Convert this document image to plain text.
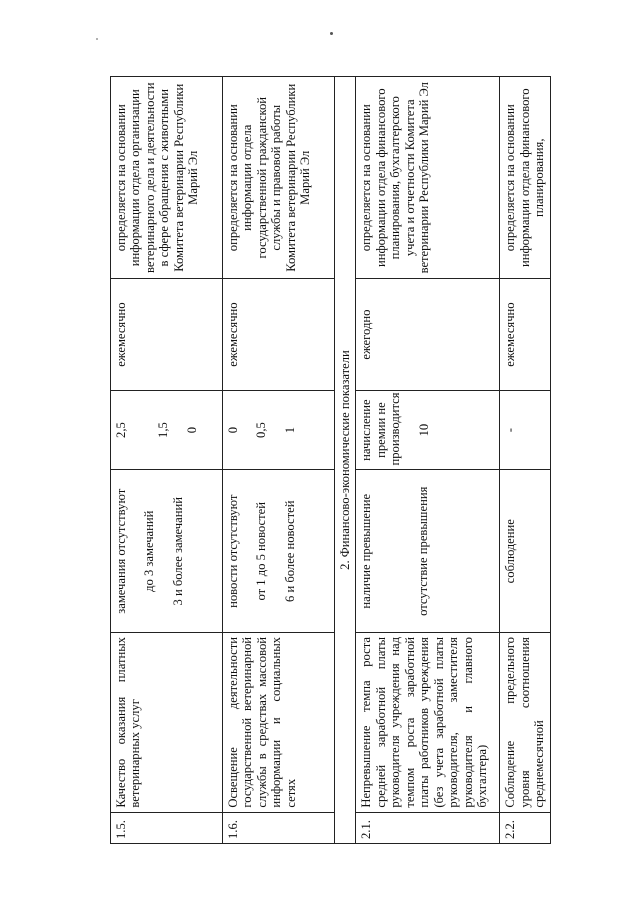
1.5.	Качество оказания платных ветеринарных услуг	замечания отсутствуют до 3 замечаний 3 и более замечаний	2,5 1,5 0	ежемесячно	определяется на основании информации отдела организации ветеринарного дела и деятельности в сфере обращения с животными Комитета ветеринарии Республики Марий Эл
1.6.	Освещение деятельности государственной ветеринарной службы в средствах массовой информации и социальных сетях	новости отсутствуют от 1 до 5 новостей 6 и более новостей	0 0,5 1	ежемесячно	определяется на основании информации отдела государственной гражданской службы и правовой работы Комитета ветеринарии Республики Марий Эл
2. Финансово-экономические показатели					
2.1.	Непревышение темпа роста средней заработной платы руководителя учреждения над темпом роста заработной платы работников учреждения (без учета заработной платы руководителя, заместителя руководителя и главного бухгалтера)	наличие превышение отсутствие превышения	начисление премии не производится 10	ежегодно	определяется на основании информации отдела финансового планирования, бухгалтерского учета и отчетности Комитета ветеринарии Республики Марий Эл
2.2.	Соблюдение предельного уровня соотношения среднемесячной	соблюдение	-	ежемесячно	определяется на основании информации отдела финансового планирования,
